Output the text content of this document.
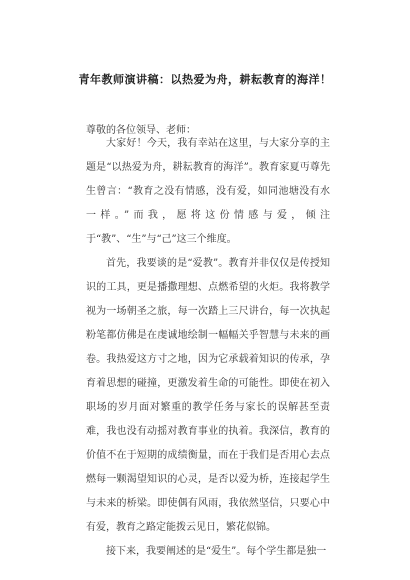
青年教师演讲稿：以热爱为舟，耕耘教育的海洋！
尊敬的各位领导、老师：

大家好！今天，我有幸站在这里，与大家分享的主题是“以热爱为舟，耕耘教育的海洋”。教育家夏丏尊先生曾言：“教育之没有情感，没有爱，如同池塘没有水一样。”而我，愿将这份情感与爱，倾注于“教”、“生”与“己”这三个维度。

首先，我要谈的是“爱教”。教育并非仅仅是传授知识的工具，更是播撒理想、点燃希望的火炬。我将教学视为一场朝圣之旅，每一次踏上三尺讲台，每一次执起粉笔都仿佛是在虔诚地绘制一幅幅关乎智慧与未来的画卷。我热爱这方寸之地，因为它承载着知识的传承，孕育着思想的碰撞，更激发着生命的可能性。即使在初入职场的岁月面对繁重的教学任务与家长的误解甚至责难，我也没有动摇对教育事业的执着。我深信，教育的价值不在于短期的成绩衡量，而在于我们是否用心去点燃每一颗渴望知识的心灵，是否以爱为桥，连接起学生与未来的桥梁。即使偶有风雨，我依然坚信，只要心中有爱，教育之路定能拨云见日，繁花似锦。

接下来，我要阐述的是“爱生”。每个学生都是独一
